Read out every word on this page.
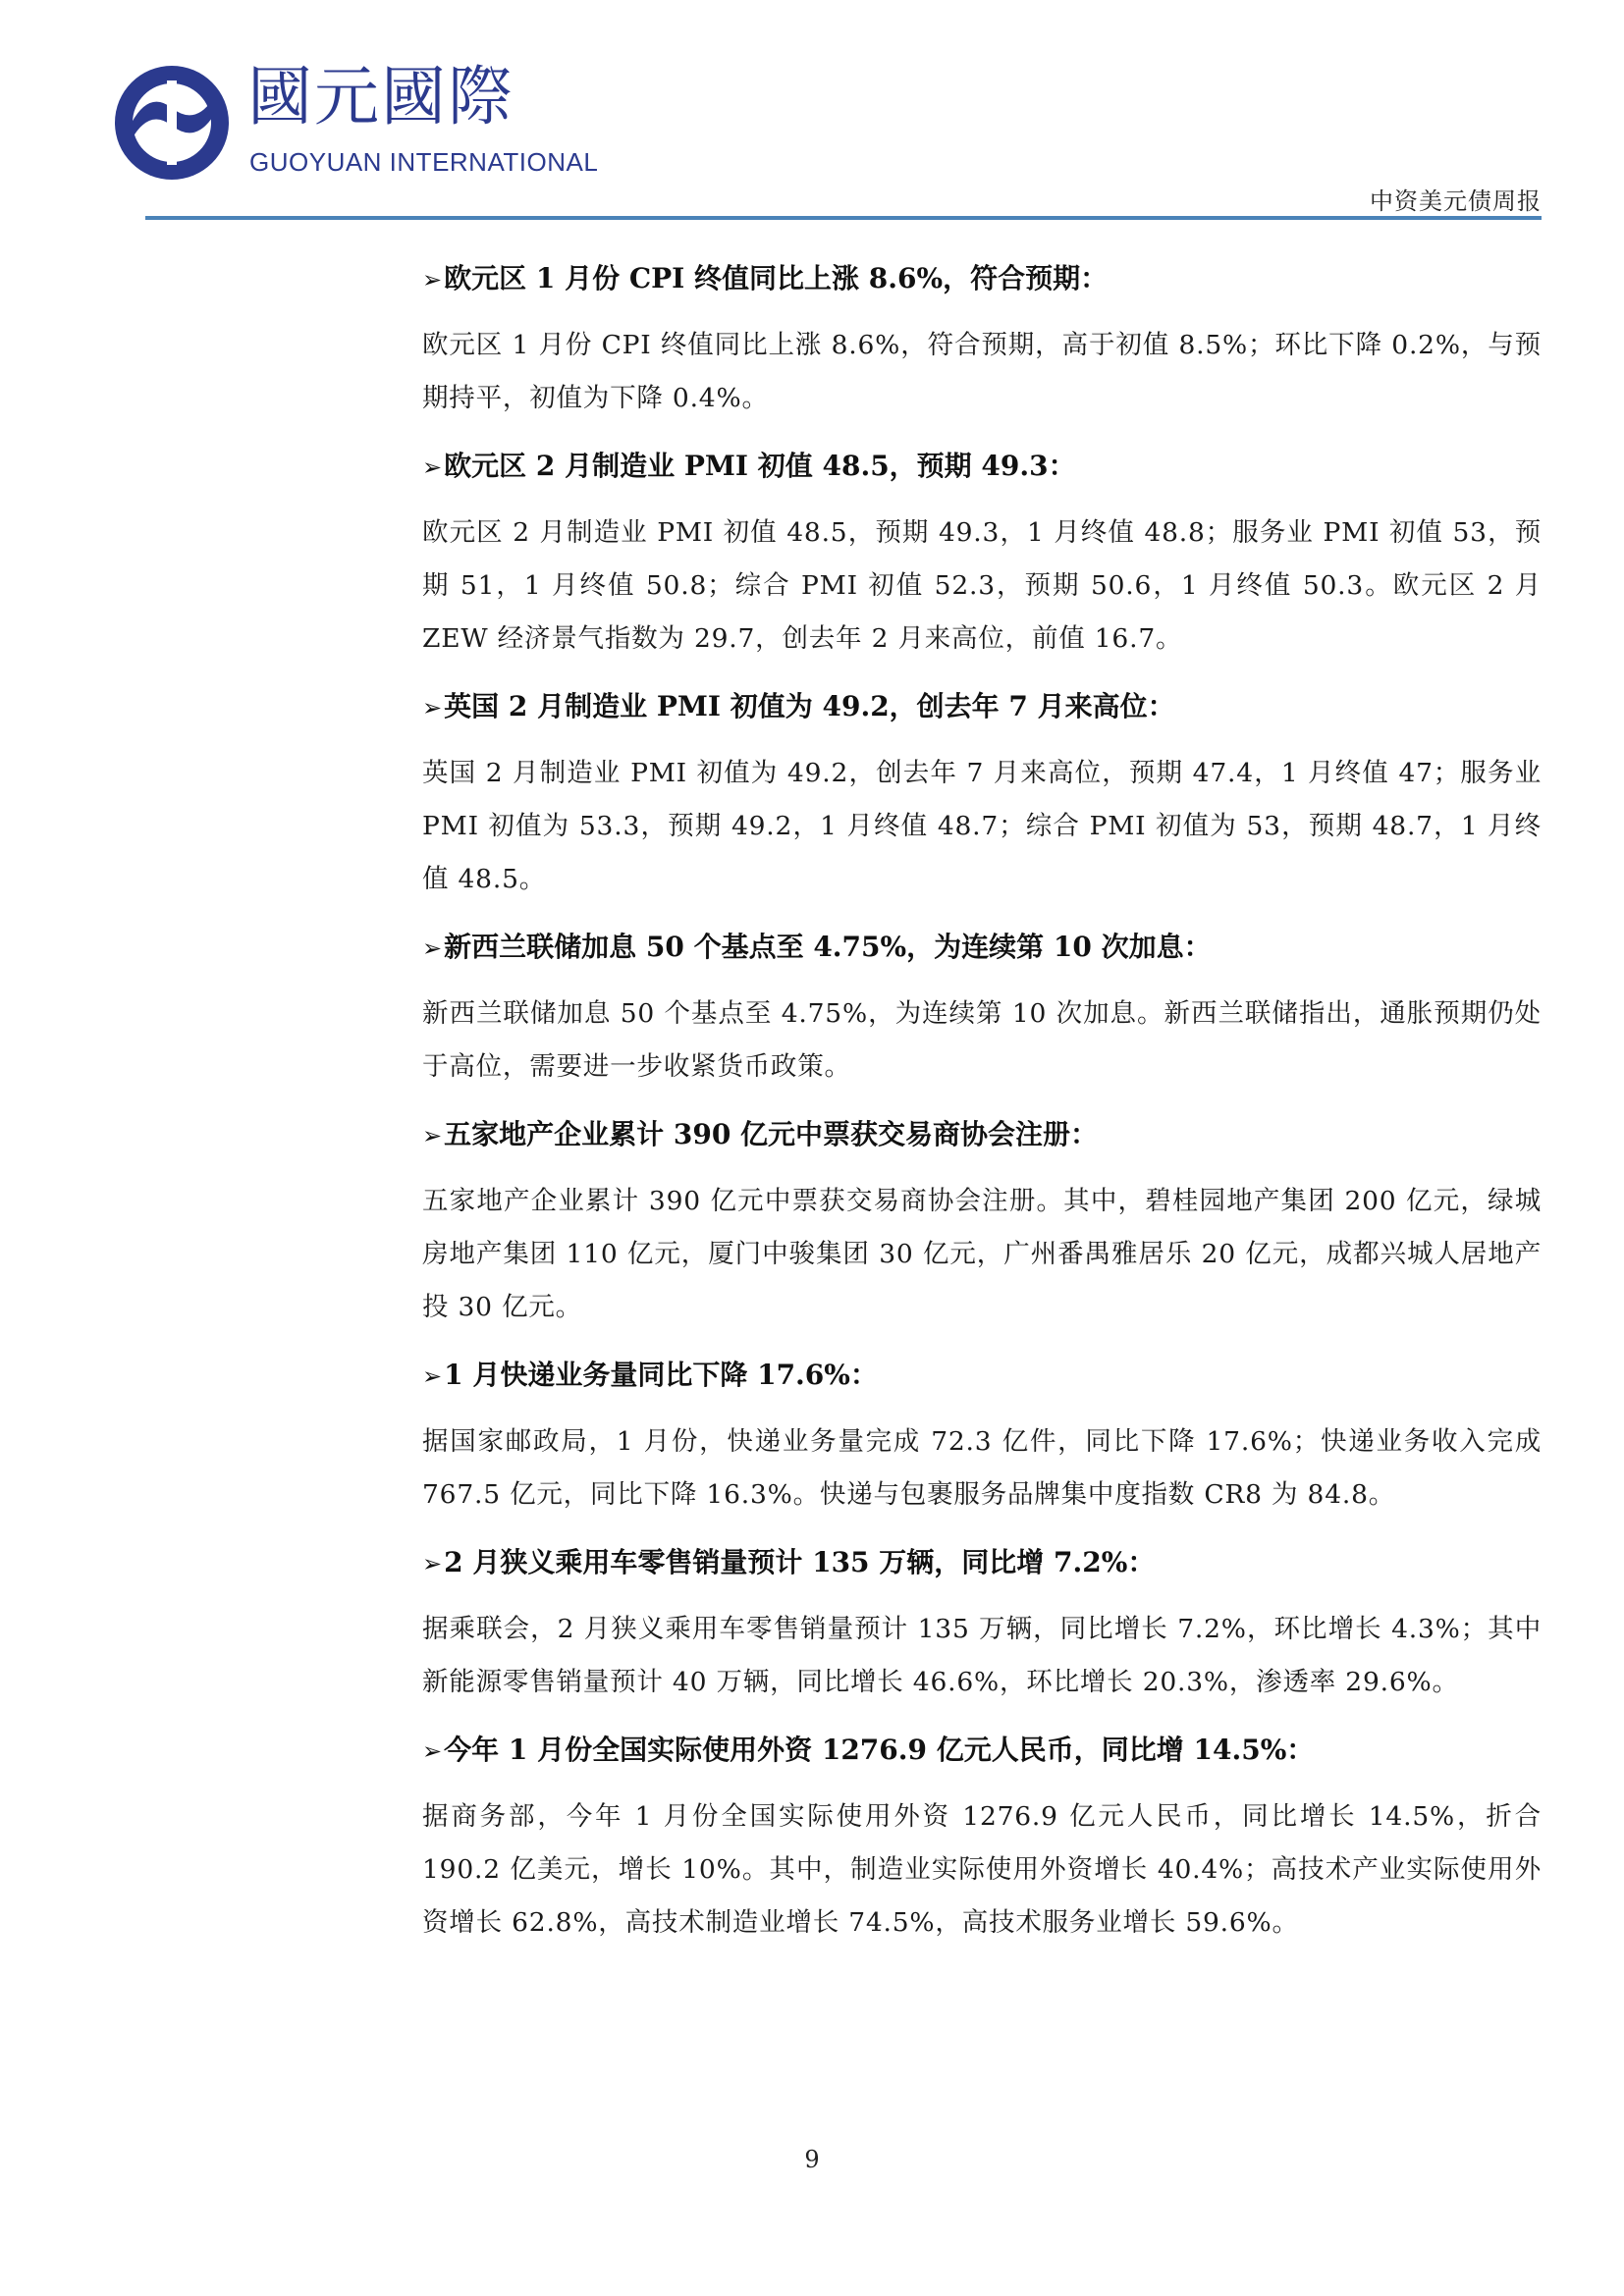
國元國際
GUOYUAN INTERNATIONAL
中资美元债周报
➢欧元区 1 月份 CPI 终值同比上涨 8.6%，符合预期：

欧元区 1 月份 CPI 终值同比上涨 8.6%，符合预期，高于初值 8.5%；环比下降 0.2%，与预期持平，初值为下降 0.4%。

➢欧元区 2 月制造业 PMI 初值 48.5，预期 49.3：

欧元区 2 月制造业 PMI 初值 48.5，预期 49.3，1 月终值 48.8；服务业 PMI 初值 53，预期 51，1 月终值 50.8；综合 PMI 初值 52.3，预期 50.6，1 月终值 50.3。欧元区 2 月 ZEW 经济景气指数为 29.7，创去年 2 月来高位，前值 16.7。

➢英国 2 月制造业 PMI 初值为 49.2，创去年 7 月来高位：

英国 2 月制造业 PMI 初值为 49.2，创去年 7 月来高位，预期 47.4，1 月终值 47；服务业 PMI 初值为 53.3，预期 49.2，1 月终值 48.7；综合 PMI 初值为 53，预期 48.7，1 月终值 48.5。

➢新西兰联储加息 50 个基点至 4.75%，为连续第 10 次加息：

新西兰联储加息 50 个基点至 4.75%，为连续第 10 次加息。新西兰联储指出，通胀预期仍处于高位，需要进一步收紧货币政策。

➢五家地产企业累计 390 亿元中票获交易商协会注册：

五家地产企业累计 390 亿元中票获交易商协会注册。其中，碧桂园地产集团 200 亿元，绿城房地产集团 110 亿元，厦门中骏集团 30 亿元，广州番禺雅居乐 20 亿元，成都兴城人居地产投 30 亿元。

➢1 月快递业务量同比下降 17.6%：

据国家邮政局，1 月份，快递业务量完成 72.3 亿件，同比下降 17.6%；快递业务收入完成 767.5 亿元，同比下降 16.3%。快递与包裹服务品牌集中度指数 CR8 为 84.8。

➢2 月狭义乘用车零售销量预计 135 万辆，同比增 7.2%：

据乘联会，2 月狭义乘用车零售销量预计 135 万辆，同比增长 7.2%，环比增长 4.3%；其中新能源零售销量预计 40 万辆，同比增长 46.6%，环比增长 20.3%，渗透率 29.6%。

➢今年 1 月份全国实际使用外资 1276.9 亿元人民币，同比增 14.5%：

据商务部，今年 1 月份全国实际使用外资 1276.9 亿元人民币，同比增长 14.5%，折合 190.2 亿美元，增长 10%。其中，制造业实际使用外资增长 40.4%；高技术产业实际使用外资增长 62.8%，高技术制造业增长 74.5%，高技术服务业增长 59.6%。

9
